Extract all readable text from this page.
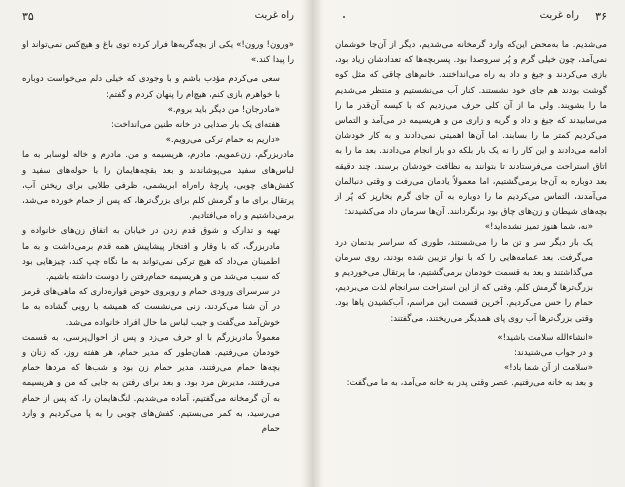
۳۵	راه غربت

«ورون! ورون!» یکی از بچه‌گربه‌ها فرار کرده توی باغ و هیچ‌کس نمی‌تواند او را پیدا کند.»

سعی می‌کردم مؤدب باشم و با وجودی که خیلی دلم می‌خواست دوباره با خواهرم بازی کنم، هیچ‌ام را پنهان کردم و گفتم:

«مادرجان! من دیگر باید بروم.»

هفته‌ای یک بار صدایی در خانه طنین می‌انداخت:

«داریم به حمام ترکی می‌رویم.»

مادربزرگم، زن‌عمویم، مادرم، هریسیمه و من. مادرم و خاله لوسابر به ما لباس‌های سفید می‌پوشاندند و بعد بقچه‌هایمان را با حوله‌های سفید و کفش‌های چوبی، پارچهٔ راه‌راه ابریشمی، ظرفی طلایی برای ریختن آب، پرتقال برای ما و گرمش کلم برای بزرگ‌ترها، که پس از حمام خورده می‌شد، برمی‌داشتیم و راه می‌افتادیم.

تهیه و تدارک و شوق قدم زدن در خیابان به اتفاق زن‌های خانواده و مادربزرگ، که با وقار و افتخار پیشاپیش همه قدم برمی‌داشت و به ما اطمینان می‌داد که هیچ ترکی نمی‌تواند به ما نگاه چپ کند، چیزهایی بود که سبب می‌شد من و هریسیمه حمام‌رفتن را دوست داشته باشیم.

در سرسرای ورودی حمام و روبروی حوض فواره‌داری که ماهی‌های قرمز در آن شنا می‌کردند، زنی می‌نشست که همیشه با رویی گشاده به ما خوش‌آمد می‌گفت و جیب لباس ما حال افراد خانواده می‌شد.

معمولاً مادربزرگم با او حرف می‌زد و پس از احوال‌پرسی، به قسمت خودمان می‌رفتیم. همان‌طور که مدیر حمام، هر هفته روز، که زنان و بچه‌ها حمام می‌رفتند، مدیر حمام زن بود و شب‌ها که مردها حمام می‌رفتند، مدیرش مرد بود. و بعد برای رفتن به جایی که من و هریسیمه به آن گرمخانه می‌گفتیم، آماده می‌شدیم. لنگ‌هایمان را، که پس از حمام می‌رسید، به کمر می‌بستیم. کفش‌های چوبی را به پا می‌کردیم و وارد حمام

راه غربت ۳۶

می‌شدیم. ما به‌محض این‌که وارد گرمخانه می‌شدیم، دیگر از آن‌جا خوشمان نمی‌آمد، چون خیلی گرم و پُر سروصدا بود. پسربچه‌ها که تعدادشان زیاد بود، بازی می‌کردند و جیغ و داد به راه می‌انداختند. خانم‌های چاقی که مثل کوه گوشت بودند هم جای خود نشستند. کنار آب می‌نشستیم و منتظر می‌شدیم ما را بشویند. ولی ما از آن کلی حرف می‌زدیم که با کیسه آن‌قدر ما را می‌سابیدند که جیغ و داد و گریه و زاری من و هریسیمه در می‌آمد و التماس می‌کردیم کمتر ما را بسابند. اما آن‌ها اهمیتی نمی‌دادند و به کار خودشان ادامه می‌دادند و این کار را نه یک بار بلکه دو بار انجام می‌دادند. بعد ما را به اتاق استراحت می‌فرستادند تا بتوانند به نظافت خودشان برسند. چند دقیقه بعد دوباره به آن‌جا برمی‌گشتیم، اما معمولاً یادمان می‌رفت و وقتی دنبالمان می‌آمدند، التماس می‌کردیم ما را دوباره به آن جای گرم بخارپز که پُر از بچه‌های شیطان و زن‌های چاق بود برنگردانند. آن‌ها سرمان داد می‌کشیدند:

«نه، شما هنوز تمیز نشده‌اید!»

یک بار دیگر سر و تن ما را می‌شستند، طوری که سراسر بدنمان درد می‌گرفت. بعد عمامه‌هایی را که با نوار تزیین شده بودند، روی سرمان می‌گذاشتند و بعد به قسمت خودمان برمی‌گشتیم، ما پرتقال می‌خوردیم و بزرگ‌ترها گرمش کلم. وقتی که از این استراحت سرانجام لذت می‌بردیم، حمام را حس می‌کردیم. آخرین قسمت این مراسم، آب‌کشیدن پاها بود. وقتی بزرگ‌ترها آب روی پای همدیگر می‌ریختند، می‌گفتند:

«انشاءالله سلامت باشید!»

و در جواب می‌شنیدند:

«سلامت از آن شما باد!»

و بعد به خانه می‌رفتیم. عصر وقتی پدر به خانه می‌آمد، به ما می‌گفت:
